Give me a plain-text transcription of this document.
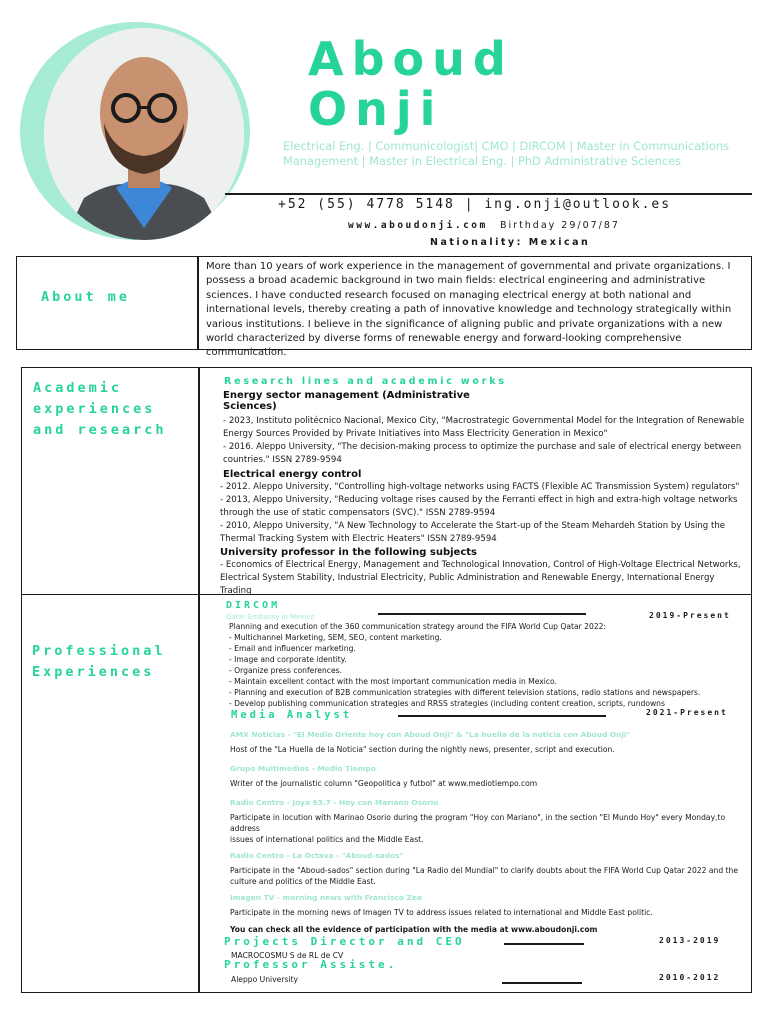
Aboud
Onji
Electrical Eng. | Communicologist| CMO | DIRCOM | Master in Communications
Management | Master in Electrical Eng. | PhD Administrative Sciences
+52 (55) 4778 5148 | ing.onji@outlook.es
www.aboudonji.com Birthday 29/07/87
Nationality: Mexican
About me
More than 10 years of work experience in the management of governmental and private organizations. I possess a broad academic background in two main fields: electrical engineering and administrative sciences. I have conducted research focused on managing electrical energy at both national and international levels, thereby creating a path of innovative knowledge and technology strategically within various institutions. I believe in the significance of aligning public and private organizations with a new world characterized by diverse forms of renewable energy and forward-looking comprehensive communication.
Academic
experiences
and research
Research lines and academic works
Energy sector management (Administrative
Sciences)
- 2023, Instituto politécnico Nacional, Mexico City, "Macrostrategic Governmental Model for the Integration of Renewable
Energy Sources Provided by Private Initiatives into Mass Electricity Generation in Mexico"
- 2016. Aleppo University, "The decision-making process to optimize the purchase and sale of electrical energy between
countries." ISSN 2789-9594
Electrical energy control
- 2012. Aleppo University, "Controlling high-voltage networks using FACTS (Flexible AC Transmission System) regulators"
- 2013, Aleppo University, "Reducing voltage rises caused by the Ferranti effect in high and extra-high voltage networks
through the use of static compensators (SVC)." ISSN 2789-9594
- 2010, Aleppo University, "A New Technology to Accelerate the Start-up of the Steam Mehardeh Station by Using the
Thermal Tracking System with Electric Heaters" ISSN 2789-9594
University professor in the following subjects
- Economics of Electrical Energy, Management and Technological Innovation, Control of High-Voltage Electrical Networks,
Electrical System Stability, Industrial Electricity, Public Administration and Renewable Energy, International Energy
Trading
Professional
Experiences
DIRCOM
Qatar Embassy in Mexico	2019-Present
Planning and execution of the 360 communication strategy around the FIFA World Cup Qatar 2022:
- Multichannel Marketing, SEM, SEO, content marketing.
- Email and influencer marketing.
- Image and corporate identity.
- Organize press conferences.
- Maintain excellent contact with the most important communication media in Mexico.
- Planning and execution of B2B communication strategies with different television stations, radio stations and newspapers.
- Develop publishing communication strategies and RRSS strategies (including content creation, scripts, rundowns
Media Analyst	2021-Present
AMX Noticias - "El Medio Oriente hoy con Aboud Onji" & "La huella de la noticia con Aboud Onji"
Host of the "La Huella de la Noticia" section during the nightly news, presenter, script and execution.
Grupo Multimedios - Medio Tiempo
Writer of the journalistic column "Geopolitica y futbol" at www.mediotiempo.com
Radio Centro - Joya 93.7 - Hoy con Mariano Osorio
Participate in locution with Marinao Osorio during the program "Hoy con Mariano", in the section "El Mundo Hoy" every Monday,to address
issues of international politics and the Middle East.
Radio Centro - La Octava - "Aboud-sados"
Participate in the "Aboud-sados" section during "La Radio del Mundial" to clarify doubts about the FIFA World Cup Qatar 2022 and the
culture and politics of the Middle East.
Imagen TV - morning news with Francisco Zea
Participate in the morning news of Imagen TV to address issues related to international and Middle East politic.
You can check all the evidence of participation with the media at www.aboudonji.com
Projects Director and CEO	2013-2019
MACROCOSMU S de RL de CV
Professor Assiste.
2010-2012
Aleppo University
